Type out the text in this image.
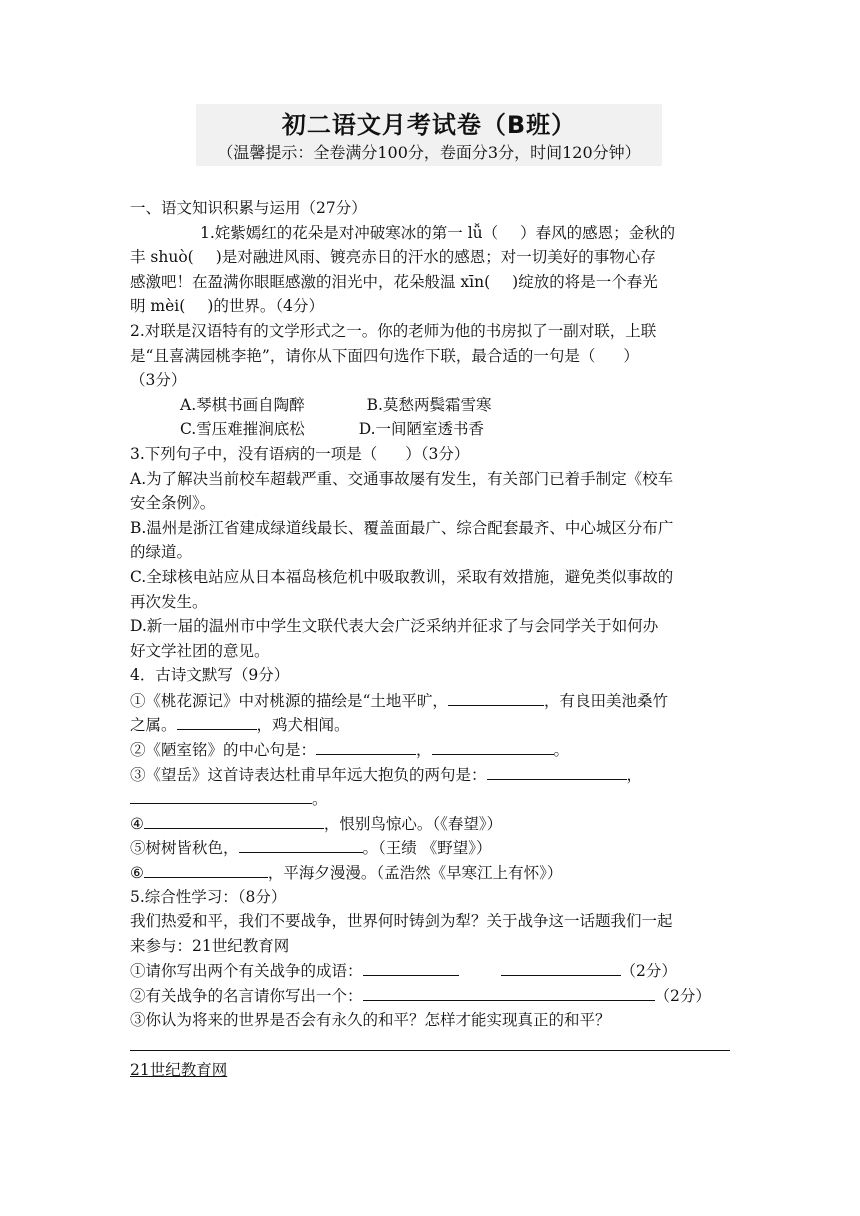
初二语文月考试卷（B班）
（温馨提示：全卷满分100分，卷面分3分，时间120分钟）
一、语文知识积累与运用（27分）
1.姹紫嫣红的花朵是对冲破寒冰的第一 lǚ（ ）春风的感恩；金秋的
丰 shuò( )是对融进风雨、镀亮赤日的汗水的感恩；对一切美好的事物心存
感激吧！在盈满你眼眶感激的泪光中，花朵般温 xīn( )绽放的将是一个春光
明 mèi( )的世界。（4分）
2.对联是汉语特有的文学形式之一。你的老师为他的书房拟了一副对联，上联
是“且喜满园桃李艳”，请你从下面四句选作下联，最合适的一句是（ ）
（3分）
A.琴棋书画自陶醉	B.莫愁两鬓霜雪寒
C.雪压难摧涧底松	D.一间陋室透书香
3.下列句子中，没有语病的一项是（ ）（3分）
A.为了解决当前校车超载严重、交通事故屡有发生，有关部门已着手制定《校车
安全条例》。
B.温州是浙江省建成绿道线最长、覆盖面最广、综合配套最齐、中心城区分布广
的绿道。
C.全球核电站应从日本福岛核危机中吸取教训，采取有效措施，避免类似事故的
再次发生。
D.新一届的温州市中学生文联代表大会广泛采纳并征求了与会同学关于如何办
好文学社团的意见。
4．古诗文默写（9分）
①《桃花源记》中对桃源的描绘是“土地平旷，	，有良田美池桑竹
之属。	，鸡犬相闻。
②《陋室铭》的中心句是：	，	。
③《望岳》这首诗表达杜甫早年远大抱负的两句是：	，
。
④	，恨别鸟惊心。（《春望》）
⑤树树皆秋色，	。（王绩 《野望》）
⑥	，平海夕漫漫。（孟浩然《早寒江上有怀》）
5.综合性学习：（8分）
我们热爱和平，我们不要战争，世界何时铸剑为犁？关于战争这一话题我们一起
来参与：21世纪教育网
①请你写出两个有关战争的成语：	（2分）
②有关战争的名言请你写出一个：	（2分）
③你认为将来的世界是否会有永久的和平？怎样才能实现真正的和平？
21世纪教育网
